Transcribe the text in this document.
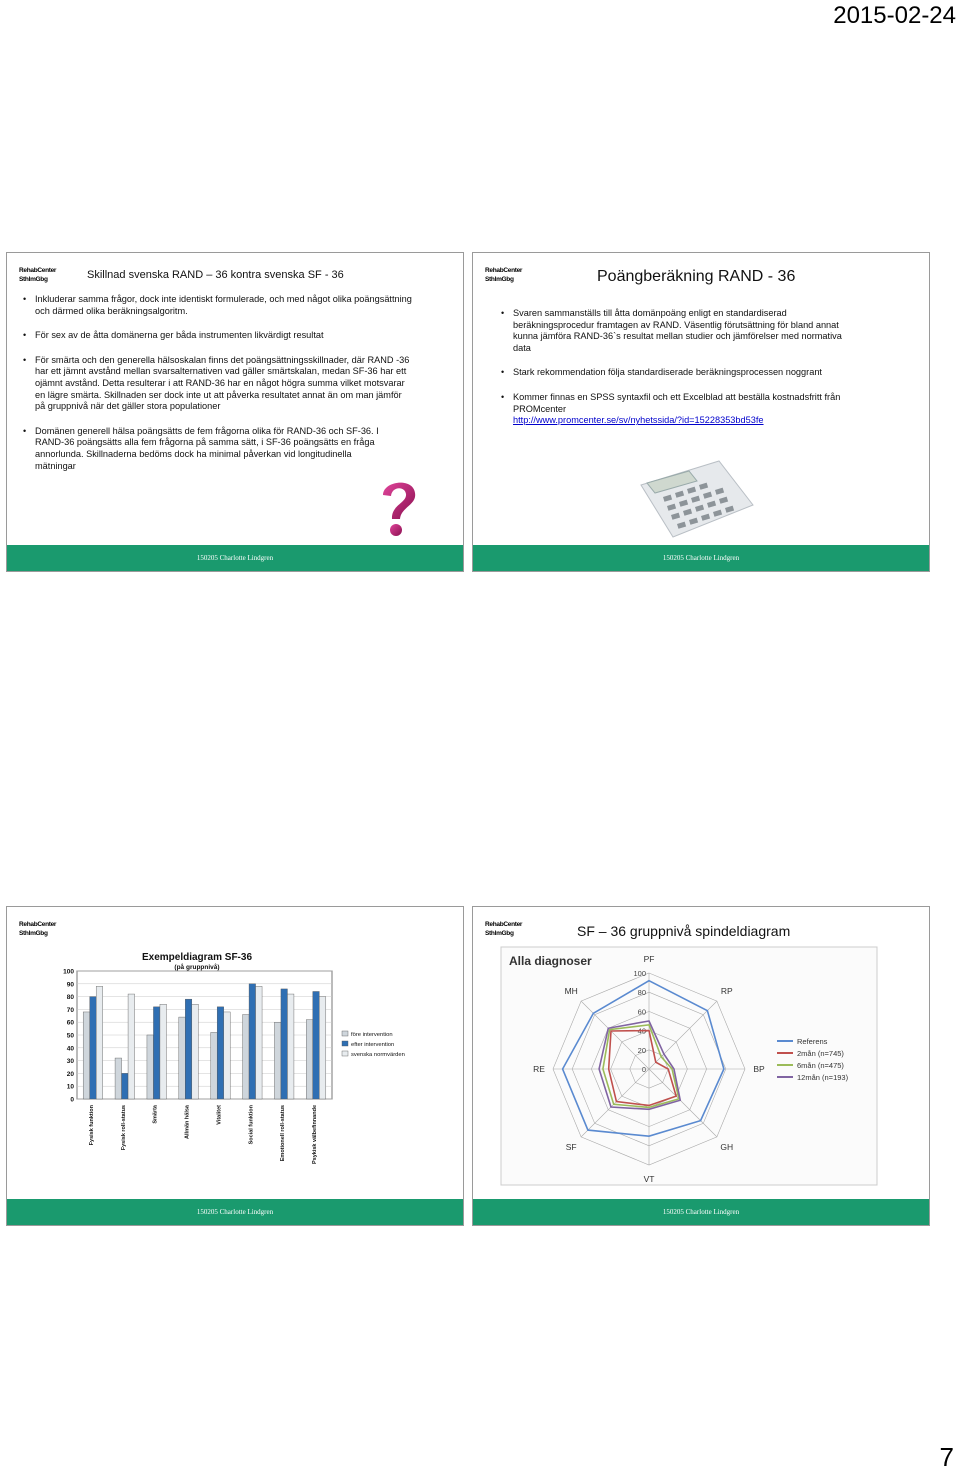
2015-02-24
RehabCenter
SthlmGbg	Skillnad svenska RAND – 36 kontra svenska SF - 36
• Inkluderar samma frågor, dock inte identiskt formulerade, och med något olika poängsättning och därmed olika beräkningsalgoritm.
• För sex av de åtta domänerna ger båda instrumenten likvärdigt resultat
• För smärta och den generella hälsoskalan finns det poängsättningsskillnader, där RAND -36 har ett jämnt avstånd mellan svarsalternativen vad gäller smärtskalan, medan SF-36 har ett ojämnt avstånd. Detta resulterar i att RAND-36 har en något högra summa vilket motsvarar en lägre smärta. Skillnaden ser dock inte ut att påverka resultatet annat än om man jämför på gruppnivå när det gäller stora populationer
• Domänen generell hälsa poängsätts de fem frågorna olika för RAND-36 och SF-36. I RAND-36 poängsätts alla fem frågorna på samma sätt, i SF-36 poängsätts en fråga annorlunda. Skillnaderna bedöms dock ha minimal påverkan vid longitudinella mätningar
150205 Charlotte Lindgren
RehabCenter
SthlmGbg	Poängberäkning RAND - 36
• Svaren sammanställs till åtta domänpoäng enligt en standardiserad beräkningsprocedur framtagen av RAND. Väsentlig förutsättning för bland annat kunna jämföra RAND-36`s resultat mellan studier och jämförelser med normativa data
• Stark rekommendation följa standardiserade beräkningsprocessen noggrant
• Kommer finnas en SPSS syntaxfil och ett Excelblad att beställa kostnadsfritt från PROMcenter
http://www.promcenter.se/sv/nyhetssida/?id=15228353bd53fe
150205 Charlotte Lindgren
RehabCenter
SthlmGbg
Exempeldiagram SF-36
(på gruppnivå)
100
90
80
70
60
50
40
30
20
10
0
Fysisk funktion	Fysisk roll-status	Smärta	Allmän hälsa	Vitalitet	Social funktion	Emotionell roll-status	Psykisk välbefinnande
före intervention
efter intervention
svenska normvärden
150205 Charlotte Lindgren
RehabCenter
SthlmGbg	SF – 36 gruppnivå spindeldiagram
Alla diagnoser
0
20
40
60
80
100
PF
RP
BP
GH
VT
SF
RE
MH
Referens
2mån (n=745)
6mån (n=475)
12mån (n=193)
150205 Charlotte Lindgren
7
